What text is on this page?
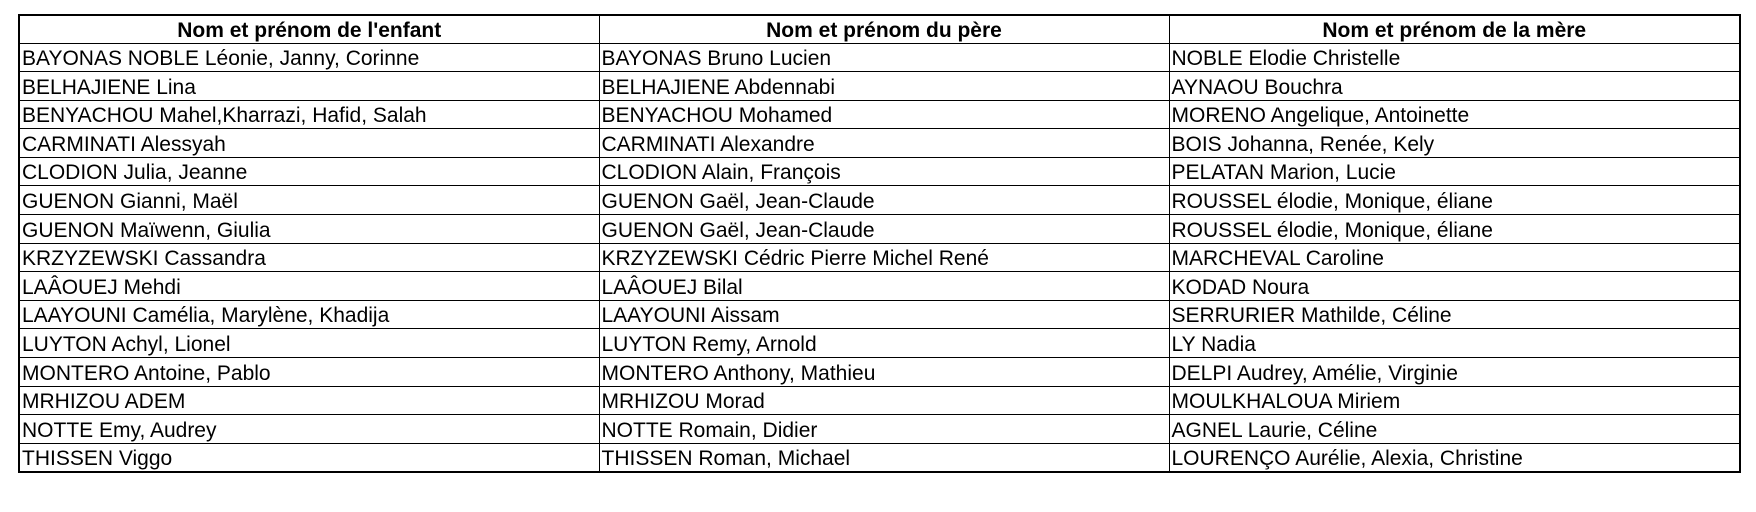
Nom et prénom de l'enfant	Nom et prénom du père	Nom et prénom de la mère
BAYONAS NOBLE Léonie, Janny, Corinne	BAYONAS Bruno Lucien	NOBLE Elodie Christelle
BELHAJIENE Lina	BELHAJIENE Abdennabi	AYNAOU Bouchra
BENYACHOU Mahel,Kharrazi, Hafid, Salah	BENYACHOU Mohamed	MORENO Angelique, Antoinette
CARMINATI Alessyah	CARMINATI Alexandre	BOIS Johanna, Renée, Kely
CLODION Julia, Jeanne	CLODION Alain, François	PELATAN Marion, Lucie
GUENON Gianni, Maël	GUENON Gaël, Jean-Claude	ROUSSEL élodie, Monique, éliane
GUENON Maïwenn, Giulia	GUENON Gaël, Jean-Claude	ROUSSEL élodie, Monique, éliane
KRZYZEWSKI Cassandra	KRZYZEWSKI Cédric Pierre Michel René	MARCHEVAL Caroline
LAÂOUEJ Mehdi	LAÂOUEJ Bilal	KODAD Noura
LAAYOUNI Camélia, Marylène, Khadija	LAAYOUNI Aissam	SERRURIER Mathilde, Céline
LUYTON Achyl, Lionel	LUYTON Remy, Arnold	LY Nadia
MONTERO Antoine, Pablo	MONTERO Anthony, Mathieu	DELPI Audrey, Amélie, Virginie
MRHIZOU ADEM	MRHIZOU Morad	MOULKHALOUA Miriem
NOTTE Emy, Audrey	NOTTE Romain, Didier	AGNEL Laurie, Céline
THISSEN Viggo	THISSEN Roman, Michael	LOURENÇO Aurélie, Alexia, Christine
